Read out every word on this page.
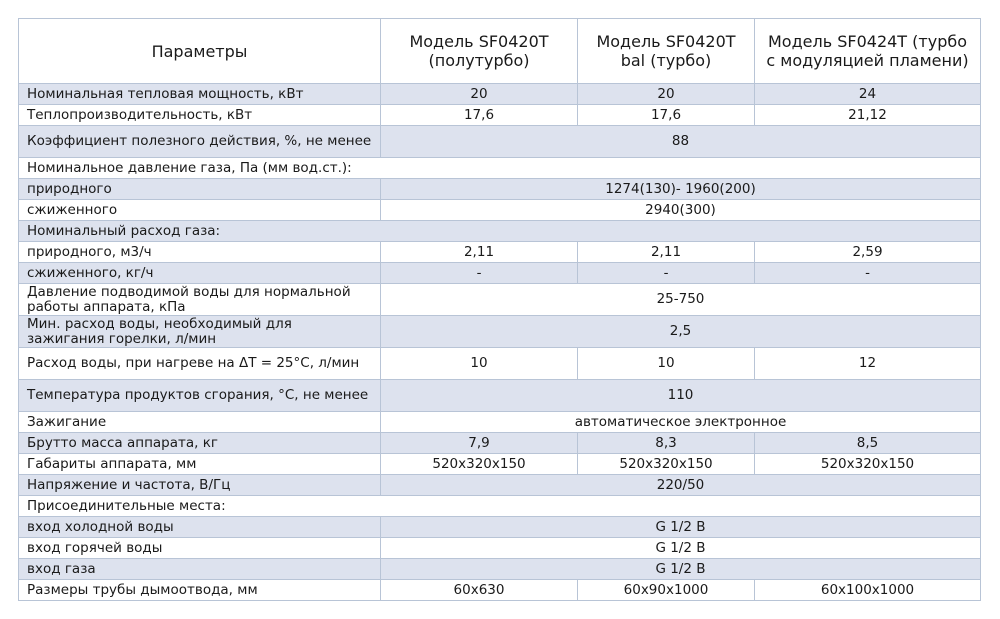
Параметры	Модель SF0420T (полутурбо)	Модель SF0420T bal (турбо)	Модель SF0424T (турбо с модуляцией пламени)
Номинальная тепловая мощность, кВт	20	20	24
Теплопроизводительность, кВт	17,6	17,6	21,12
Коэффициент полезного действия, %, не менее	88		
Номинальное давление газа, Па (мм вод.ст.):			
природного	1274(130)- 1960(200)		
сжиженного	2940(300)		
Номинальный расход газа:			
природного, м3/ч	2,11	2,11	2,59
сжиженного, кг/ч	-	-	-
Давление подводимой воды для нормальной работы аппарата, кПа	25-750		
Мин. расход воды, необходимый для зажигания горелки, л/мин	2,5		
Расход воды, при нагреве на ΔT = 25°C, л/мин	10	10	12
Температура продуктов сгорания, °C, не менее	110		
Зажигание	автоматическое электронное		
Брутто масса аппарата, кг	7,9	8,3	8,5
Габариты аппарата, мм	520x320x150	520x320x150	520x320x150
Напряжение и частота, В/Гц	220/50		
Присоединительные места:			
вход холодной воды	G 1/2 B		
вход горячей воды	G 1/2 B		
вход газа	G 1/2 B		
Размеры трубы дымоотвода, мм	60x630	60x90x1000	60x100x1000
